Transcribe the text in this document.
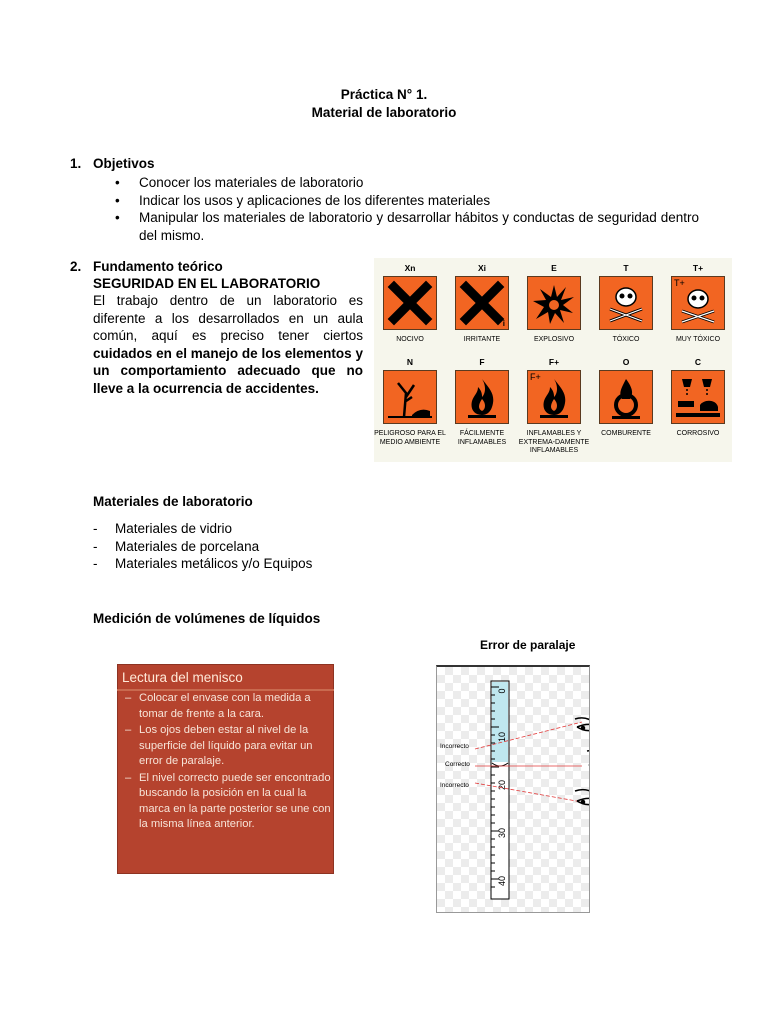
Práctica N° 1.
Material de laboratorio
1. Objetivos
• Conocer los materiales de laboratorio
• Indicar los usos y aplicaciones de los diferentes materiales
• Manipular los materiales de laboratorio y desarrollar hábitos y conductas de seguridad dentro del mismo.
2. Fundamento teórico
SEGURIDAD EN EL LABORATORIO
El trabajo dentro de un laboratorio es diferente a los desarrollados en un aula común, aquí es preciso tener ciertos cuidados en el manejo de los elementos y un comportamiento adecuado que no lleve a la ocurrencia de accidentes.
Xn
NOCIVO
Xi
i
IRRITANTE
E
EXPLOSIVO
T
TÓXICO
T+
T+
MUY TÓXICO
N
PELIGROSO PARA EL MEDIO AMBIENTE
F
FÁCILMENTE INFLAMABLES
F+
F+
INFLAMABLES Y EXTREMA-DAMENTE INFLAMABLES
O
COMBURENTE
C
CORROSIVO
Materiales de laboratorio
- Materiales de vidrio
- Materiales de porcelana
- Materiales metálicos y/o Equipos
Medición de volúmenes de líquidos
Error de paralaje
Lectura del menisco
– Colocar el envase con la medida a tomar de frente a la cara.
– Los ojos deben estar al nivel de la superficie del líquido para evitar un error de paralaje.
– El nivel correcto puede ser encontrado buscando la posición en la cual la marca en la parte posterior se une con la misma línea anterior.
0
10
20
30
40
Incorrecto
Correcto
Incorrecto
